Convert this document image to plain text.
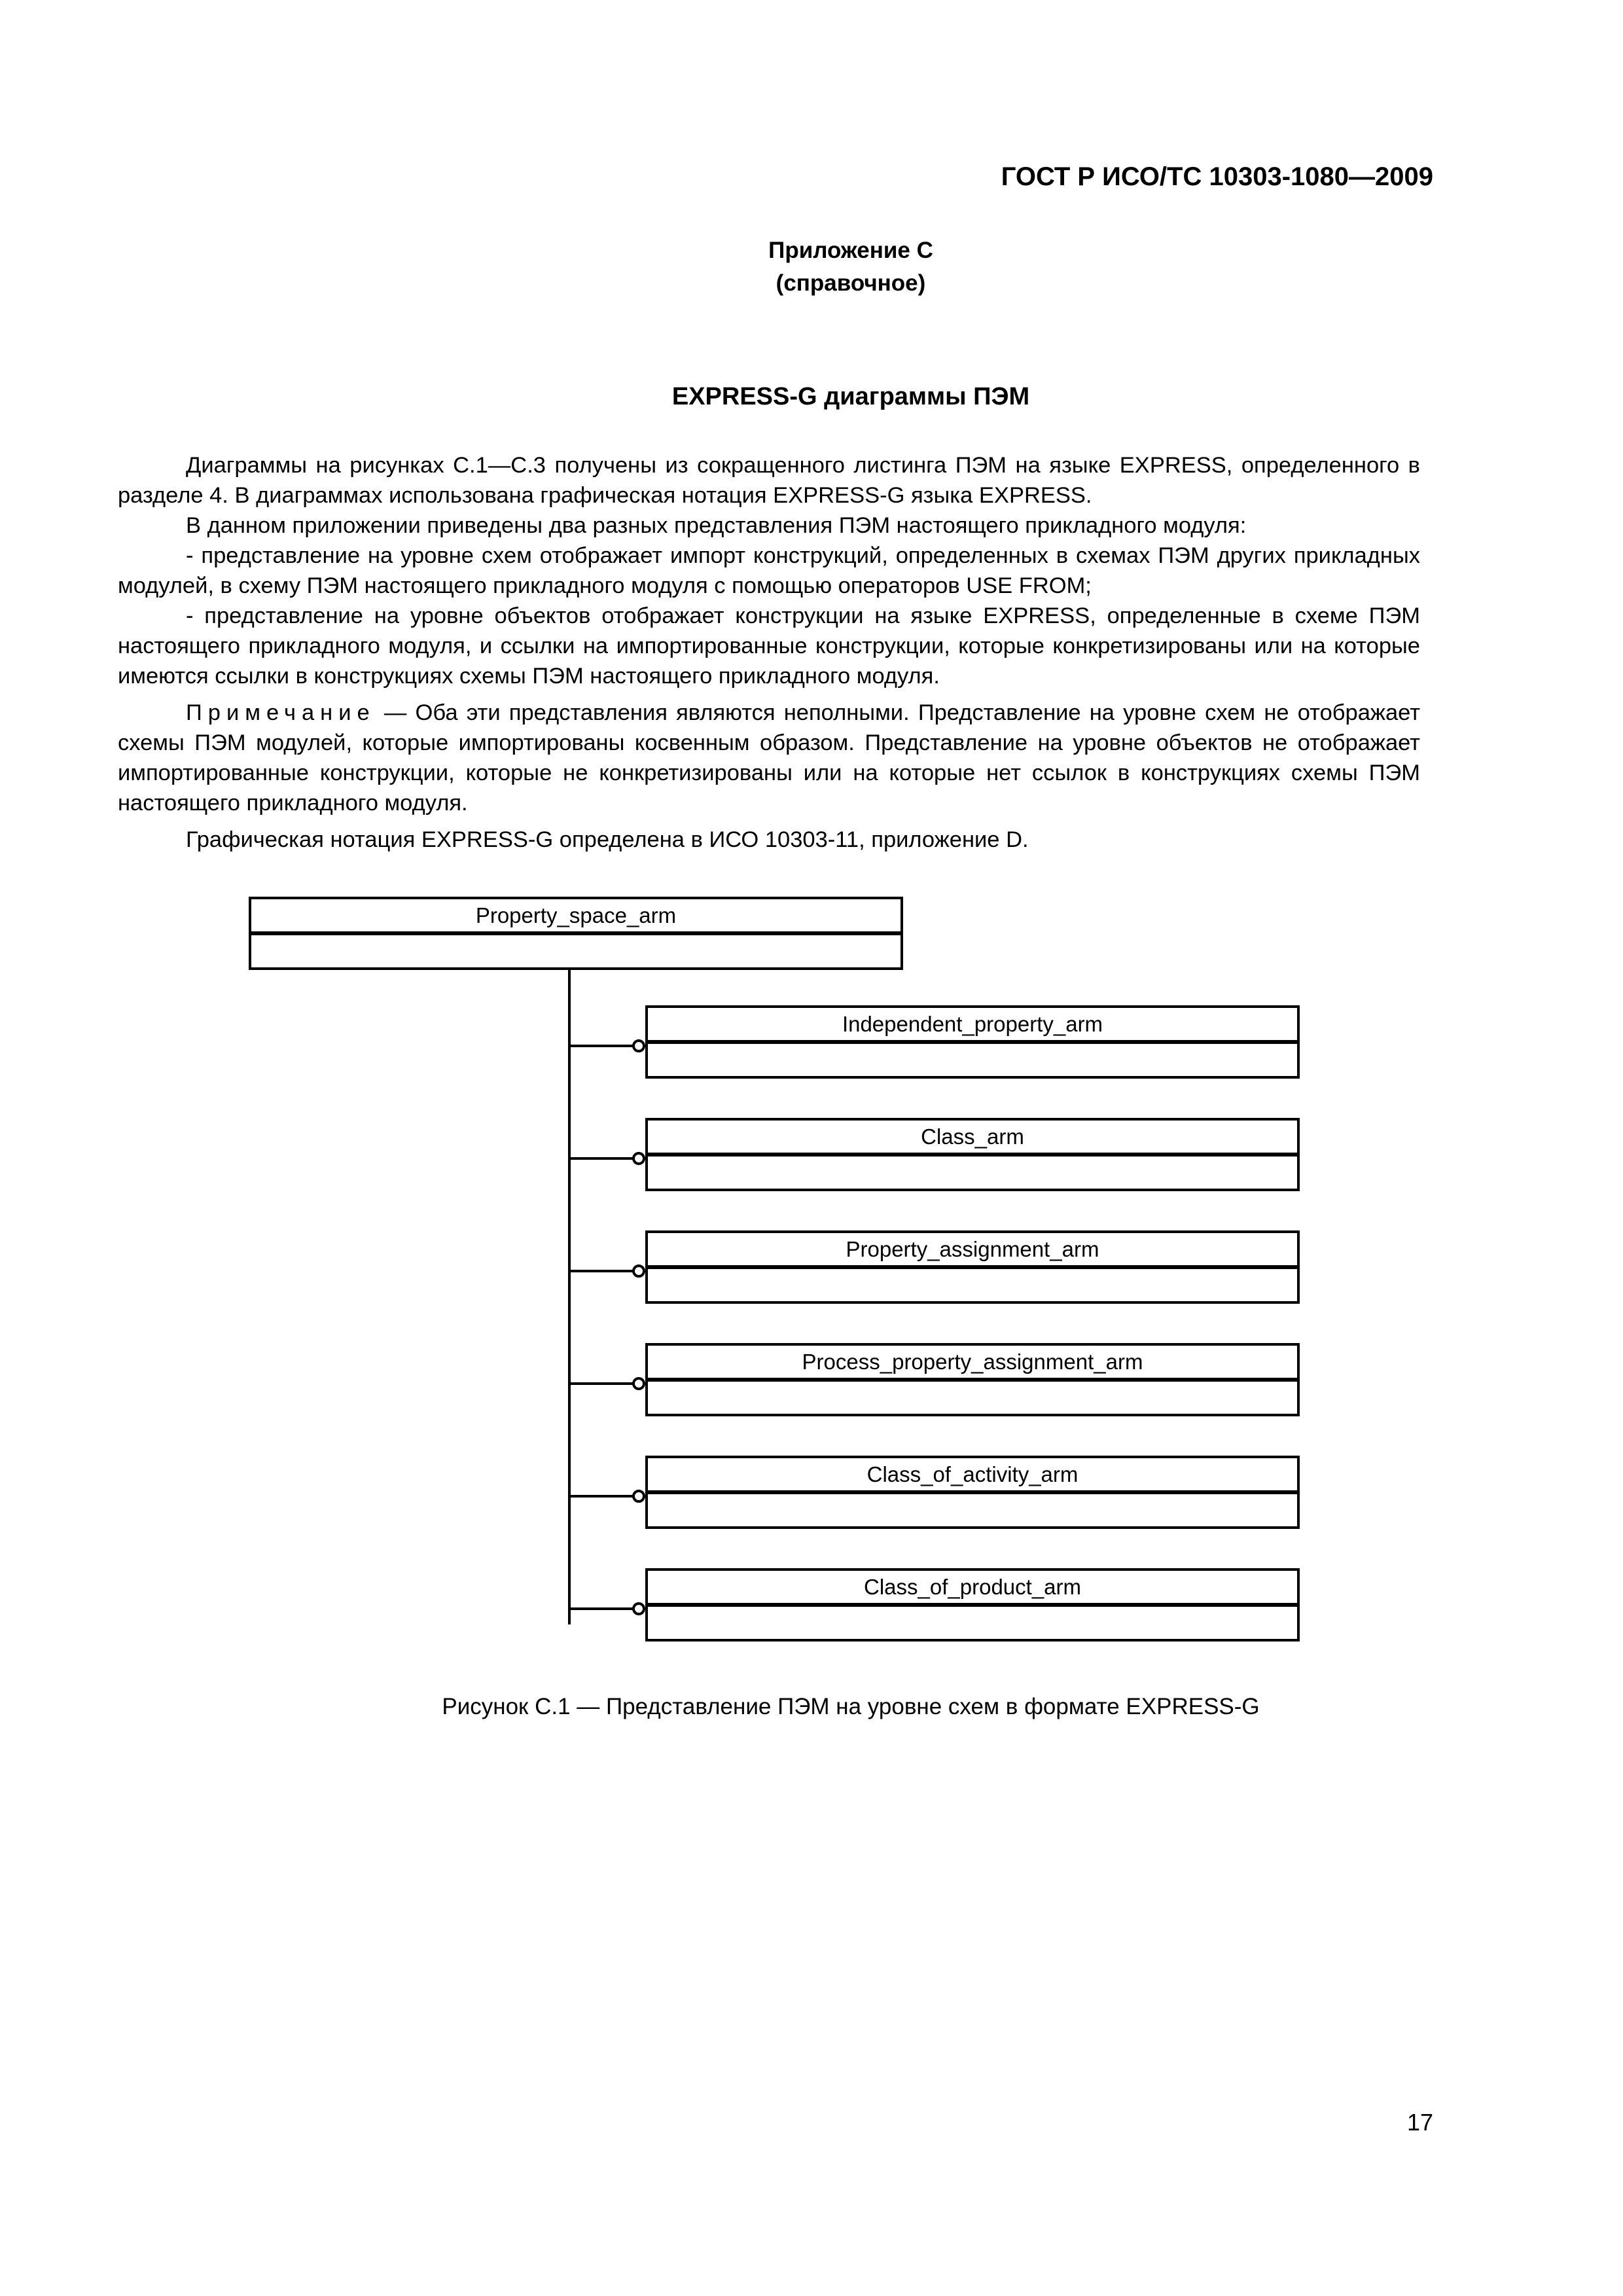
ГОСТ Р ИСО/ТС 10303-1080—2009
Приложение С
(справочное)
EXPRESS-G диаграммы ПЭМ

Диаграммы на рисунках С.1—С.3 получены из сокращенного листинга ПЭМ на языке EXPRESS, определенного в разделе 4. В диаграммах использована графическая нотация EXPRESS-G языка EXPRESS.

В данном приложении приведены два разных представления ПЭМ настоящего прикладного модуля:

- представление на уровне схем отображает импорт конструкций, определенных в схемах ПЭМ других прикладных модулей, в схему ПЭМ настоящего прикладного модуля с помощью операторов USE FROM;

- представление на уровне объектов отображает конструкции на языке EXPRESS, определенные в схеме ПЭМ настоящего прикладного модуля, и ссылки на импортированные конструкции, которые конкретизированы или на которые имеются ссылки в конструкциях схемы ПЭМ настоящего прикладного модуля.

Примечание — Оба эти представления являются неполными. Представление на уровне схем не отображает схемы ПЭМ модулей, которые импортированы косвенным образом. Представление на уровне объектов не отображает импортированные конструкции, которые не конкретизированы или на которые нет ссылок в конструкциях схемы ПЭМ настоящего прикладного модуля.

Графическая нотация EXPRESS-G определена в ИСО 10303-11, приложение D.

Property_space_arm
Independent_property_arm
Class_arm
Property_assignment_arm
Process_property_assignment_arm
Class_of_activity_arm
Class_of_product_arm
Рисунок С.1 — Представление ПЭМ на уровне схем в формате EXPRESS-G
17
